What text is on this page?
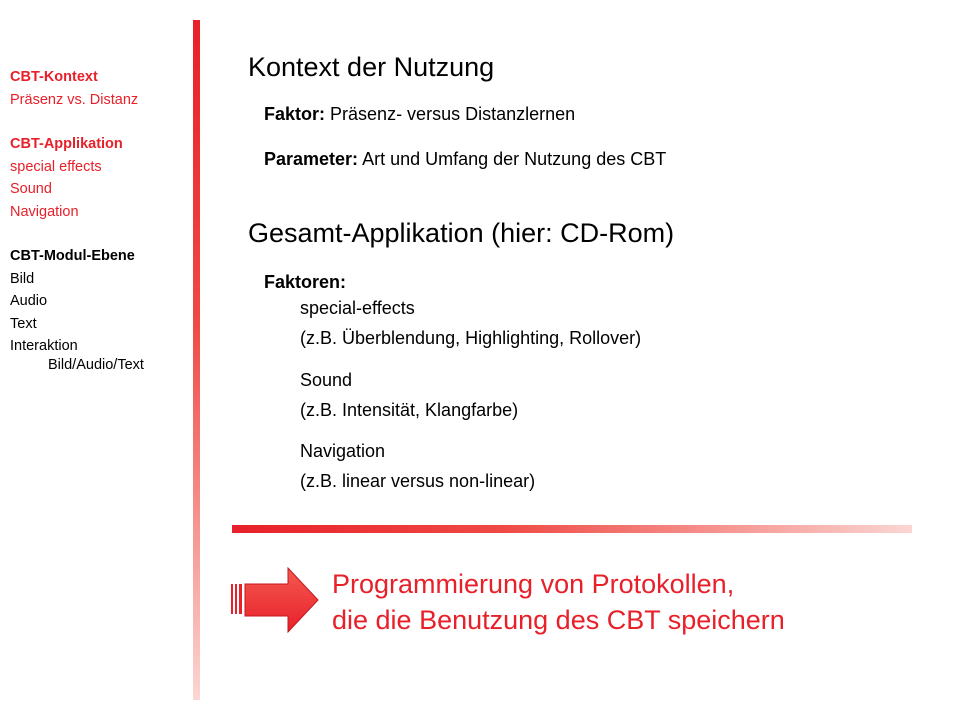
CBT-Kontext
Präsenz vs. Distanz
CBT-Applikation
special effects
Sound
Navigation
CBT-Modul-Ebene
Bild
Audio
Text
Interaktion
Bild/Audio/Text
Kontext der Nutzung
Faktor: Präsenz- versus Distanzlernen
Parameter: Art und Umfang der Nutzung des CBT
Gesamt-Applikation (hier: CD-Rom)
Faktoren:
special-effects
(z.B. Überblendung, Highlighting, Rollover)
Sound
(z.B. Intensität, Klangfarbe)
Navigation
(z.B. linear versus non-linear)
Programmierung von Protokollen,
die die Benutzung des CBT speichern
